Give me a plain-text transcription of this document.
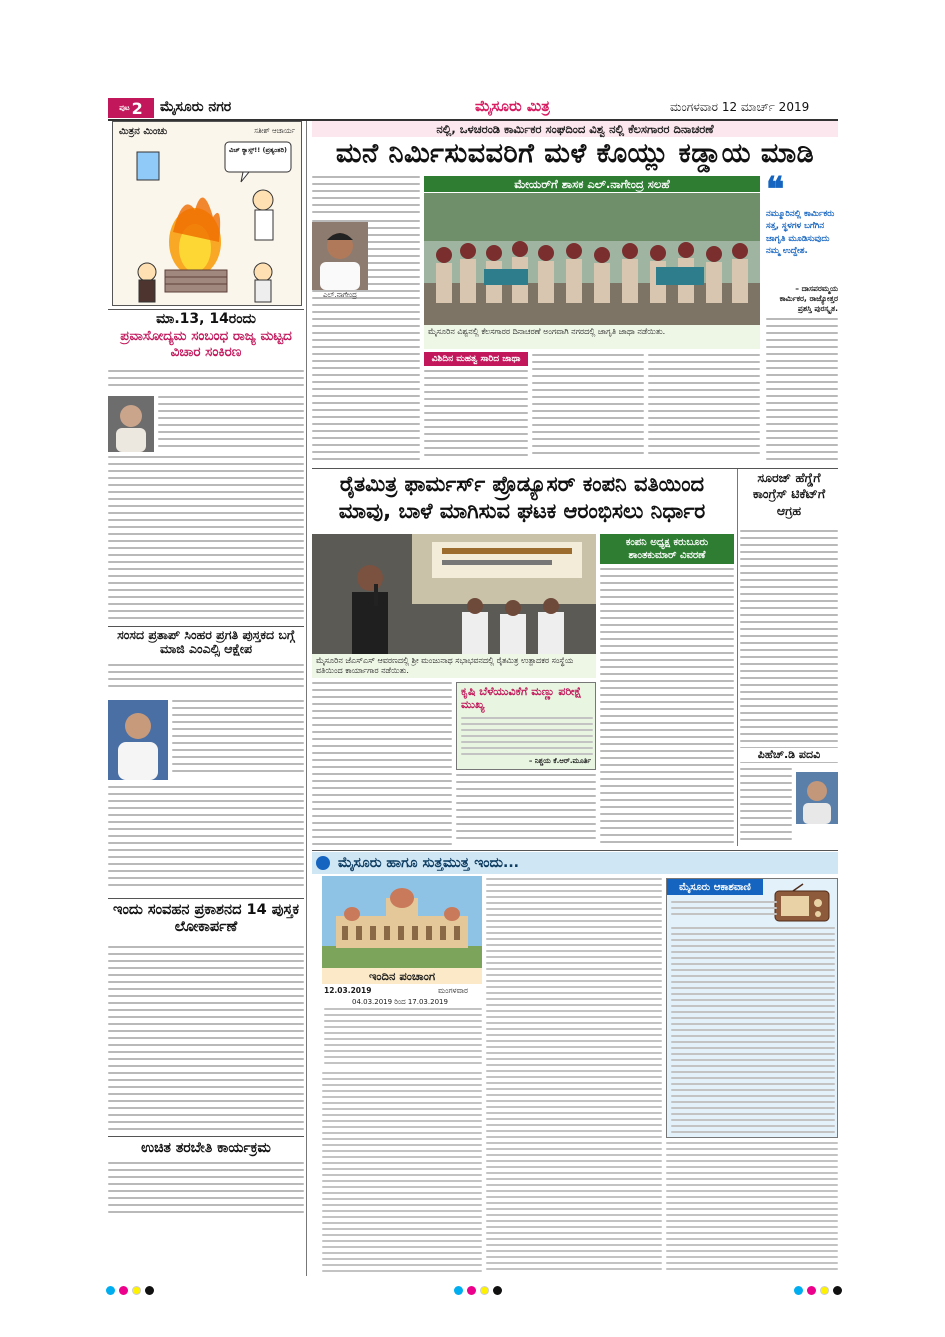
ಪುಟ 2 ಮೈಸೂರು ನಗರ	ಮೈಸೂರು ಮಿತ್ರ	ಮಂಗಳವಾರ 12 ಮಾರ್ಚ್ 2019
ಮಿತ್ರನ ಮಿಂಚು	ಸತೀಶ್ ಆಚಾರ್ಯ
ವಿಚ್ ಕ್ಯಾಸ್ಸ್!! (ಪ್ರತ್ಯಂತರಿ)
ಮಾ.13, 14ರಂದು
ಪ್ರವಾಸೋದ್ಯಮ ಸಂಬಂಧ ರಾಜ್ಯ ಮಟ್ಟದ ವಿಚಾರ ಸಂಕಿರಣ
ಸಂಸದ ಪ್ರತಾಪ್ ಸಿಂಹರ ಪ್ರಗತಿ ಪುಸ್ತಕದ ಬಗ್ಗೆ ಮಾಜಿ ಎಂಎಲ್ಸಿ ಆಕ್ಷೇಪ
ಇಂದು ಸಂವಹನ ಪ್ರಕಾಶನದ 14 ಪುಸ್ತಕ ಲೋಕಾರ್ಪಣೆ
ಉಚಿತ ತರಬೇತಿ ಕಾರ್ಯಕ್ರಮ
ನಲ್ಲಿ, ಒಳಚರಂಡಿ ಕಾರ್ಮಿಕರ ಸಂಘದಿಂದ ವಿಶ್ವ ನಲ್ಲಿ ಕೆಲಸಗಾರರ ದಿನಾಚರಣೆ
ಮನೆ ನಿರ್ಮಿಸುವವರಿಗೆ ಮಳೆ ಕೊಯ್ಲು ಕಡ್ಡಾಯ ಮಾಡಿ
ಎಲ್.ನಾಗೇಂದ್ರ
ಮೇಯರ್‌ಗೆ ಶಾಸಕ ಎಲ್.ನಾಗೇಂದ್ರ ಸಲಹೆ
ಮೈಸೂರಿನ ವಿಶ್ವನಲ್ಲಿ ಕೆಲಸಗಾರರ ದಿನಾಚರಣೆ ಅಂಗವಾಗಿ ನಗರದಲ್ಲಿ ಜಾಗೃತಿ ಜಾಥಾ ನಡೆಯಿತು.
❝
ನಮ್ಮೂರಿನಲ್ಲಿ ಕಾರ್ಮಿಕರು ಸತ್ತ, ಸ್ಥಳಗಳ ಬಗೆಗಿನ ಜಾಗೃತಿ ಮೂಡಿಸುವುದು ನಮ್ಮ ಉದ್ದೇಶ.
– ದಾಸಪರಮ್ಮಯ ಕಾರ್ಮಿಕರ, ರಾಜ್ಯೋತ್ತರ ಪ್ರಶಸ್ತಿ ಪುರಸ್ಕೃತ.
ವಿಶಿದಿನ ಮಹತ್ವ ಸಾರಿದ ಜಾಥಾ
ರೈತಮಿತ್ರ ಫಾರ್ಮರ್ಸ್ ಪ್ರೊಡ್ಯೂಸರ್ ಕಂಪನಿ ವತಿಯಿಂದ ಮಾವು, ಬಾಳೆ ಮಾಗಿಸುವ ಘಟಕ ಆರಂಭಿಸಲು ನಿರ್ಧಾರ
ಮೈಸೂರಿನ ಜೆಎಸ್ಎಸ್ ಆವರಣದಲ್ಲಿ ಶ್ರೀ ಮಂಜುನಾಥ ಸಭಾಭವನದಲ್ಲಿ ರೈತಮಿತ್ರ ಉತ್ಪಾದಕರ ಸಂಸ್ಥೆಯ ವತಿಯಿಂದ ಕಾರ್ಯಾಗಾರ ನಡೆಯಿತು.
ಕಂಪನಿ ಅಧ್ಯಕ್ಷ ಕರುಬೂರು ಶಾಂತಕುಮಾರ್ ವಿವರಣೆ
ಕೃಷಿ ಬೆಳೆಯುವಿಕೆಗೆ ಮಣ್ಣು ಪರೀಕ್ಷೆ ಮುಖ್ಯ
– ನಿಶ್ಚಯ ಕೆ.ಆರ್.ಮೂರ್ತಿ
ಸೂರಜ್ ಹೆಗ್ಡೆಗೆ ಕಾಂಗ್ರೆಸ್ ಟಿಕೆಟ್‌ಗೆ ಆಗ್ರಹ
ಪಿಹೆಚ್.ಡಿ ಪದವಿ
ಮೈಸೂರು ಹಾಗೂ ಸುತ್ತಮುತ್ತ ಇಂದು...
ಇಂದಿನ ಪಂಚಾಂಗ
12.03.2019	ಮಂಗಳವಾರ
04.03.2019 ರಿಂದ 17.03.2019
ಮೈಸೂರು ಆಕಾಶವಾಣಿ
